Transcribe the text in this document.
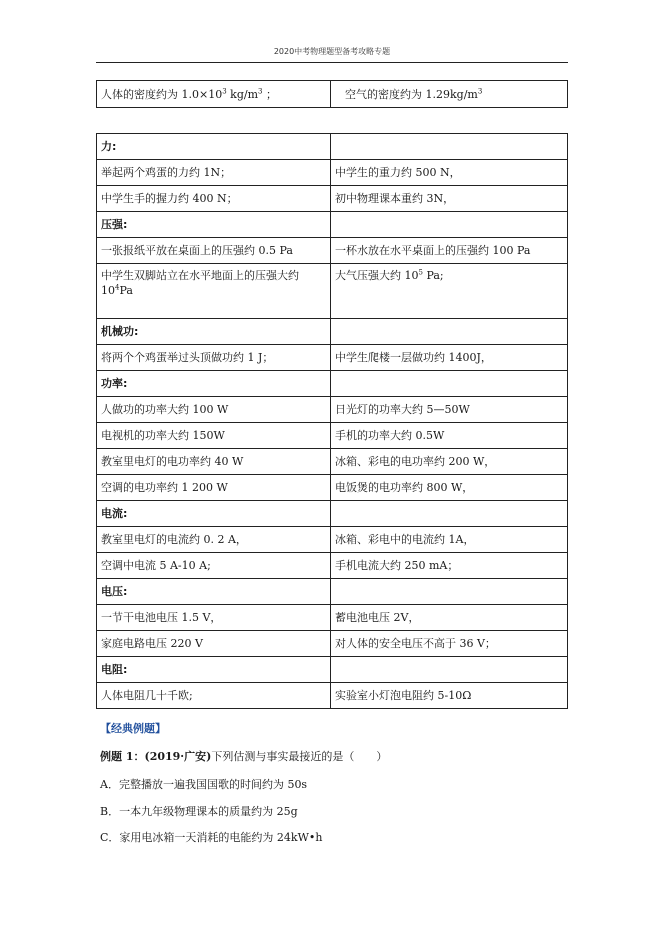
2020中考物理题型备考攻略专题
人体的密度约为 $1.0\times 10^3$ $kg/m^3$ ；	空气的密度约为 $1.29kg/m^3$
力:	
举起两个鸡蛋的力约 1N；	中学生的重力约 500 N，
中学生手的握力约 400 N；	初中物理课本重约 3N，
压强:	
一张报纸平放在桌面上的压强约 0.5 Pa	一杯水放在水平桌面上的压强约 100 Pa
中学生双脚站立在水平地面上的压强大约
$10^4Pa$	大气压强大约 $10^5$ Pa;
机械功:	
将两个个鸡蛋举过头顶做功约 1 J；	中学生爬楼一层做功约 1400J，
功率:	
人做功的功率大约 100 W	日光灯的功率大约 5—50W
电视机的功率大约 150W	手机的功率大约 0.5W
教室里电灯的电功率约 40 W	冰箱、彩电的电功率约 200 W，
空调的电功率约 1 200 W	电饭煲的电功率约 800 W，
电流:	
教室里电灯的电流约 0. 2 A，	冰箱、彩电中的电流约 1A，
空调中电流 5 A-10 A;	手机电流大约 250 mA；
电压:	
一节干电池电压 1.5 V，	蓄电池电压 2V，
家庭电路电压 220 V	对人体的安全电压不高于 36 V；
电阻:	
人体电阻几十千欧;	实验室小灯泡电阻约 5-10Ω
【经典例题】
例题 1：(2019·广安)下列估测与事实最接近的是（　　）
A．完整播放一遍我国国歌的时间约为 50s
B．一本九年级物理课本的质量约为 25g
C．家用电冰箱一天消耗的电能约为 24kW•h
